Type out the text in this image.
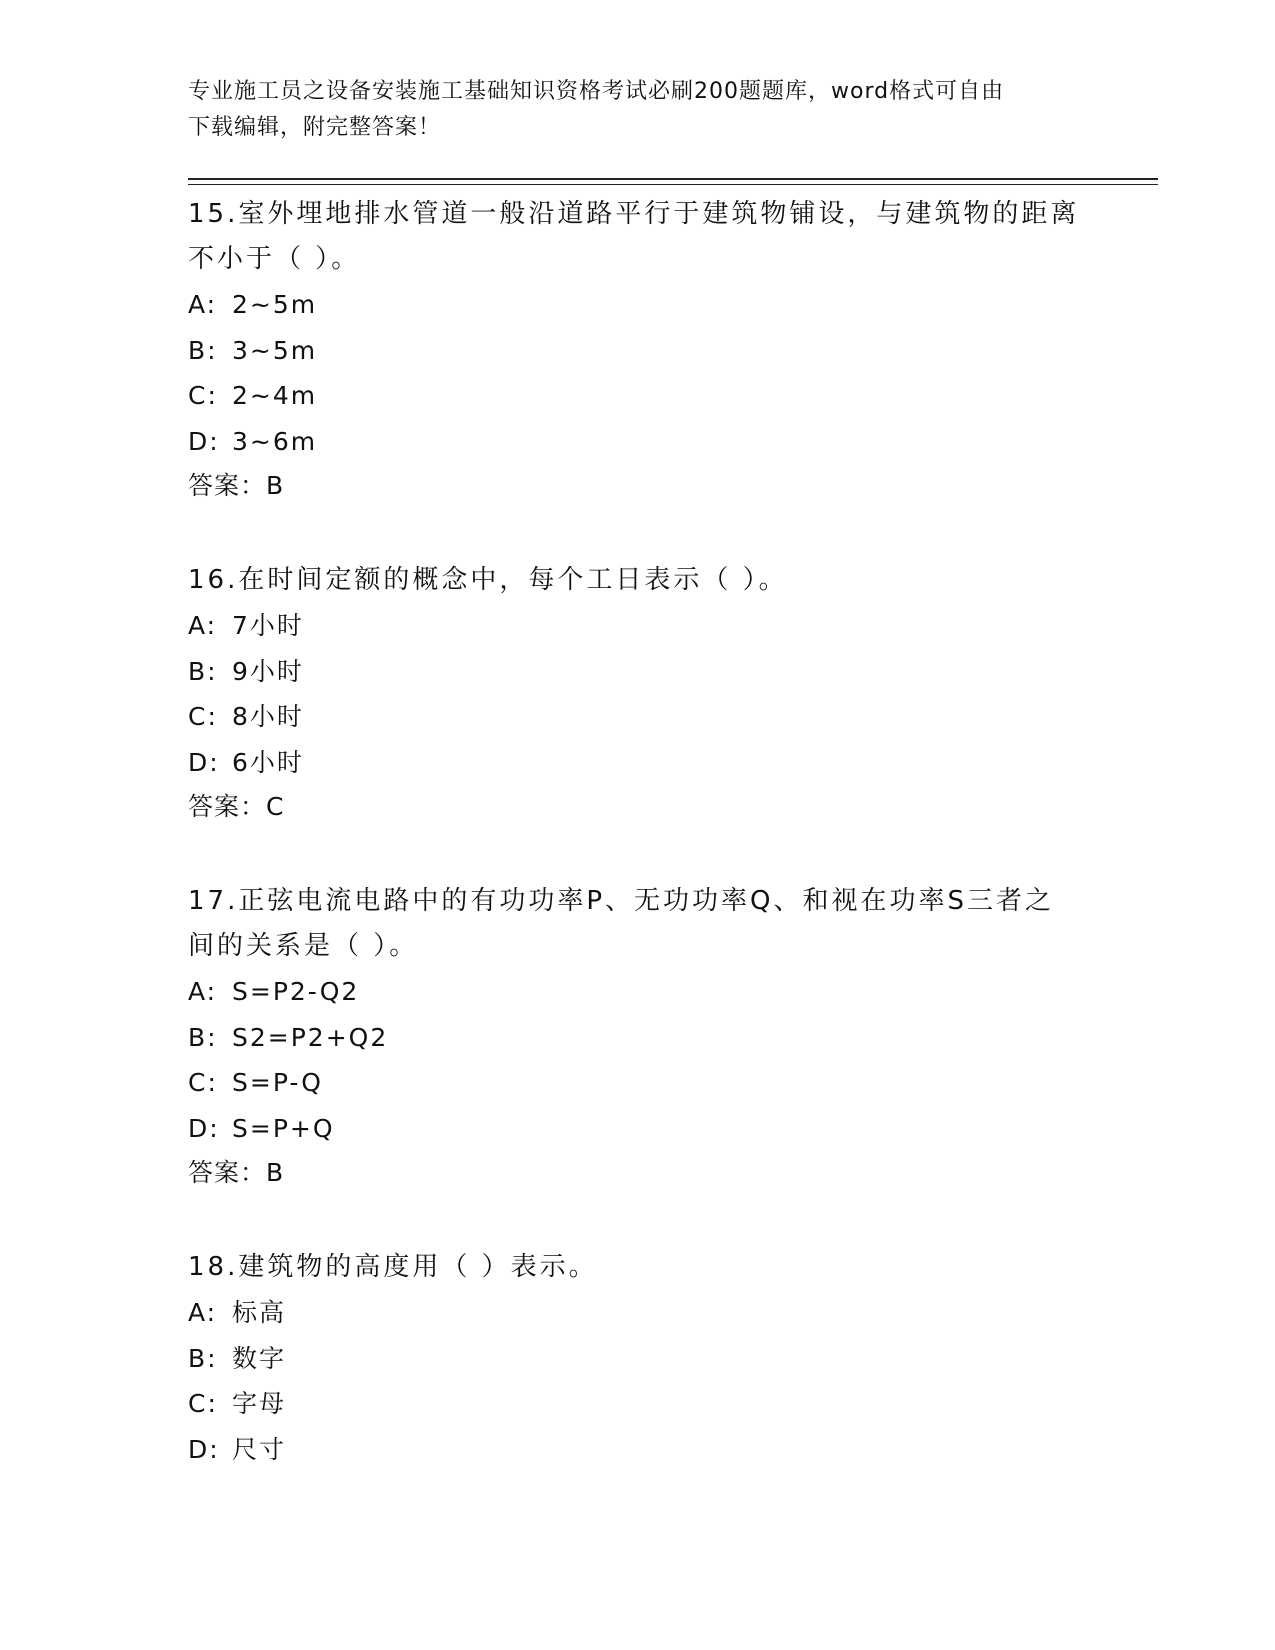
专业施工员之设备安装施工基础知识资格考试必刷200题题库，word格式可自由
下载编辑，附完整答案！

15.室外埋地排水管道一般沿道路平行于建筑物铺设，与建筑物的距离
不小于（ ）。

A: 2~5m

B: 3~5m

C: 2~4m

D: 3~6m

答案：B

16.在时间定额的概念中，每个工日表示（ ）。

A: 7小时

B: 9小时

C: 8小时

D: 6小时

答案：C

17.正弦电流电路中的有功功率P、无功功率Q、和视在功率S三者之
间的关系是（ ）。

A: S=P2-Q2

B: S2=P2+Q2

C: S=P-Q

D: S=P+Q

答案：B

18.建筑物的高度用（ ）表示。

A: 标高

B: 数字

C: 字母

D: 尺寸
